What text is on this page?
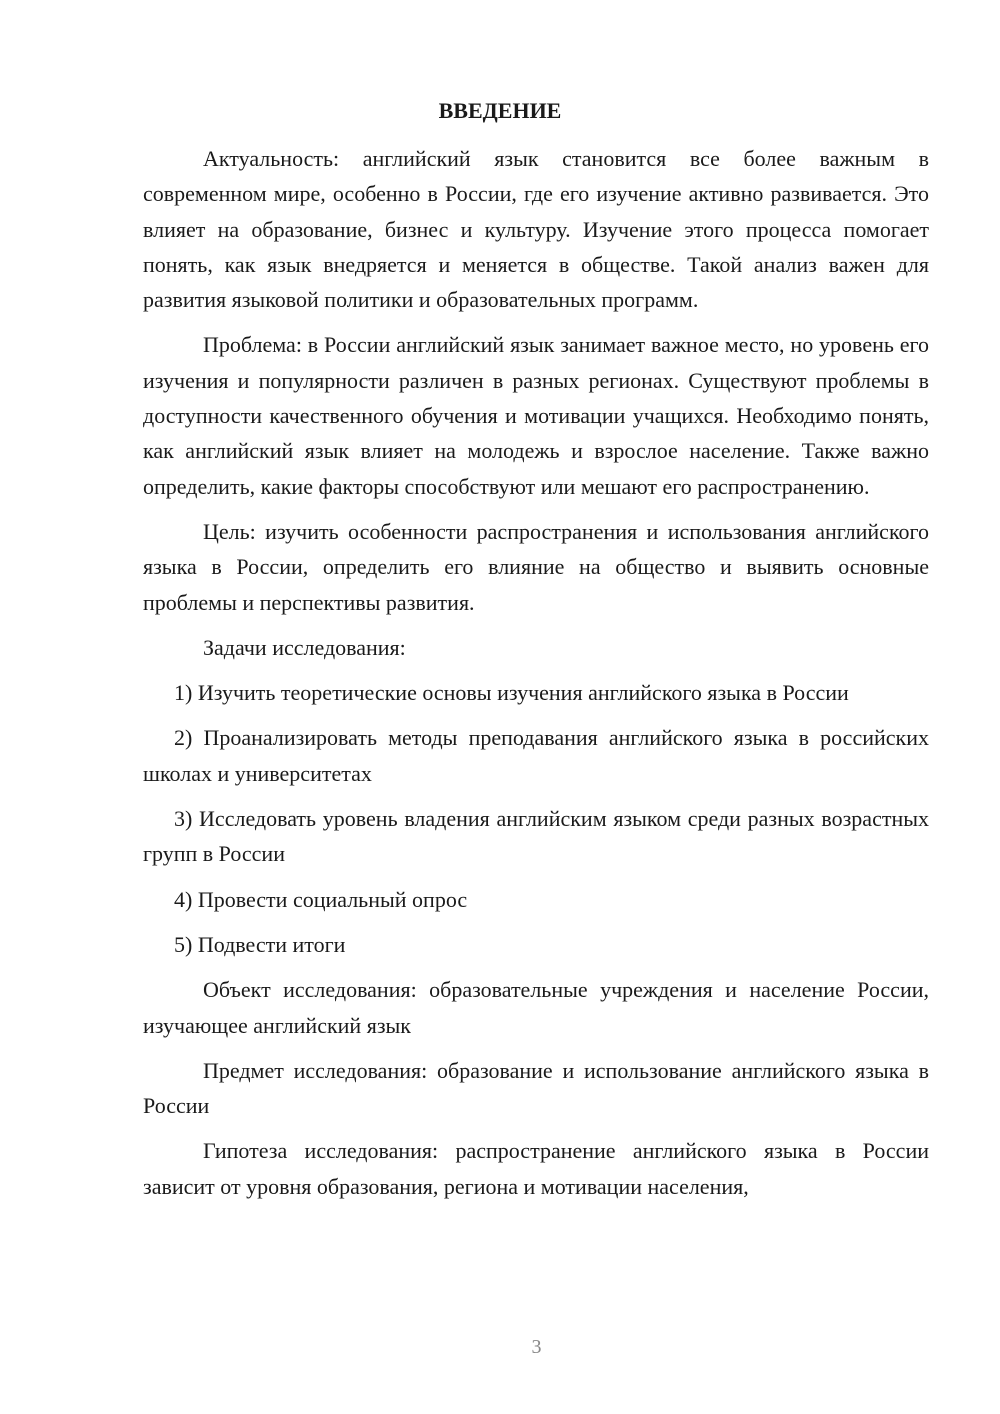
ВВЕДЕНИЕ

Актуальность: английский язык становится все более важным в современном мире, особенно в России, где его изучение активно развивается. Это влияет на образование, бизнес и культуру. Изучение этого процесса помогает понять, как язык внедряется и меняется в обществе. Такой анализ важен для развития языковой политики и образовательных программ.

Проблема: в России английский язык занимает важное место, но уровень его изучения и популярности различен в разных регионах. Существуют проблемы в доступности качественного обучения и мотивации учащихся. Необходимо понять, как английский язык влияет на молодежь и взрослое население. Также важно определить, какие факторы способствуют или мешают его распространению.

Цель: изучить особенности распространения и использования английского языка в России, определить его влияние на общество и выявить основные проблемы и перспективы развития.

Задачи исследования:

1) Изучить теоретические основы изучения английского языка в России

2) Проанализировать методы преподавания английского языка в российских школах и университетах

3) Исследовать уровень владения английским языком среди разных возрастных групп в России

4) Провести социальный опрос

5) Подвести итоги

Объект исследования: образовательные учреждения и население России, изучающее английский язык

Предмет исследования: образование и использование английского языка в России

Гипотеза исследования: распространение английского языка в России зависит от уровня образования, региона и мотивации населения,

3
